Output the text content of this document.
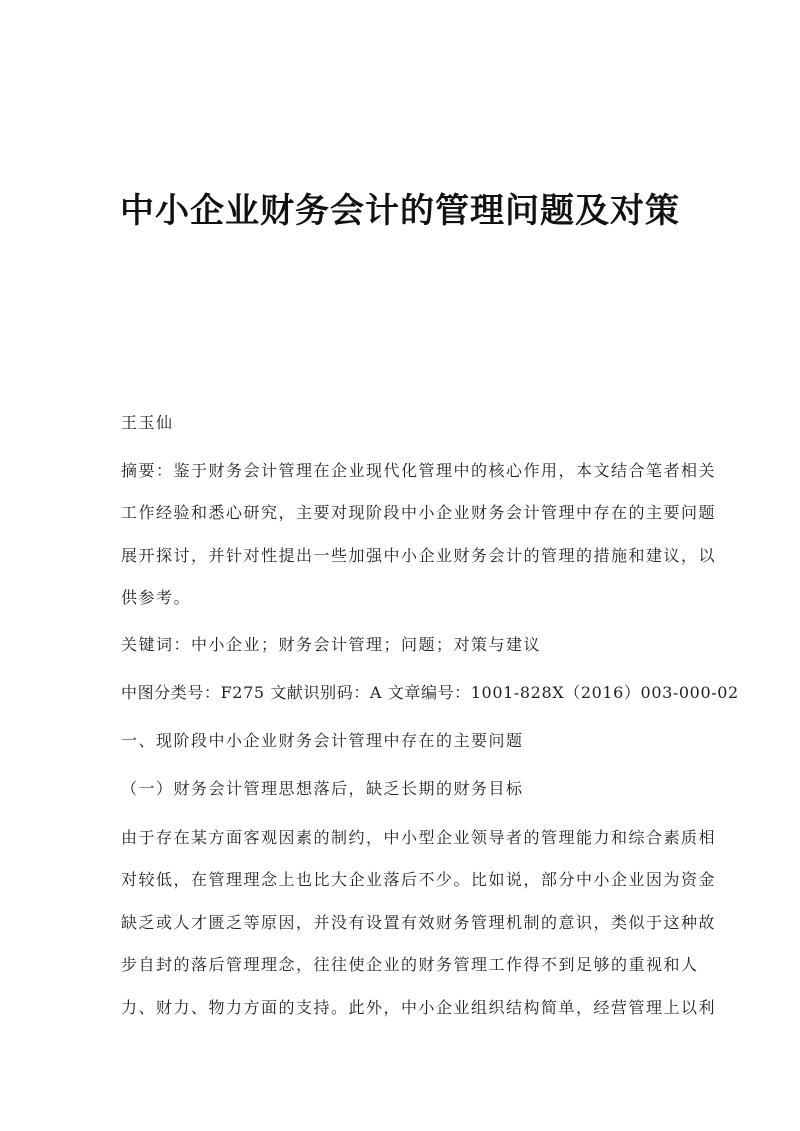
中小企业财务会计的管理问题及对策
王玉仙
摘要：鉴于财务会计管理在企业现代化管理中的核心作用，本文结合笔者相关
工作经验和悉心研究，主要对现阶段中小企业财务会计管理中存在的主要问题
展开探讨，并针对性提出一些加强中小企业财务会计的管理的措施和建议，以
供参考。
关键词：中小企业；财务会计管理；问题；对策与建议
中图分类号：F275 文献识别码：A 文章编号：1001-828X（2016）003-000-02
一、现阶段中小企业财务会计管理中存在的主要问题
（一）财务会计管理思想落后，缺乏长期的财务目标
由于存在某方面客观因素的制约，中小型企业领导者的管理能力和综合素质相
对较低，在管理理念上也比大企业落后不少。比如说，部分中小企业因为资金
缺乏或人才匮乏等原因，并没有设置有效财务管理机制的意识，类似于这种故
步自封的落后管理理念，往往使企业的财务管理工作得不到足够的重视和人
力、财力、物力方面的支持。此外，中小企业组织结构简单，经营管理上以利
